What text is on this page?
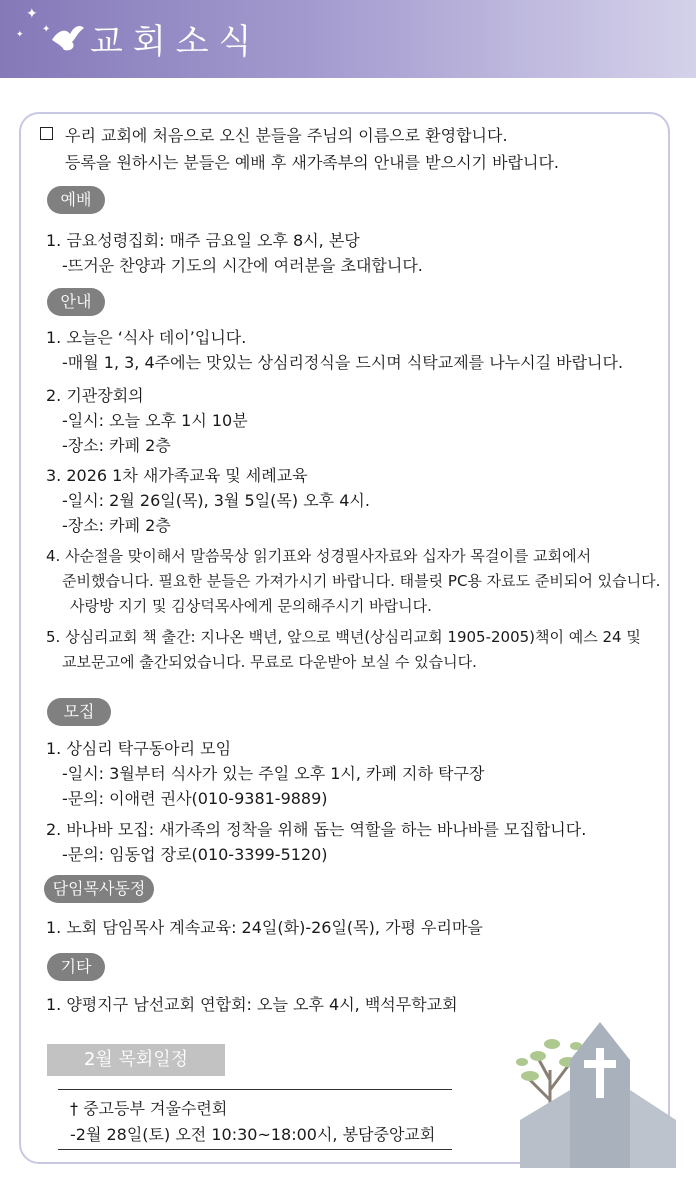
✦
✦
✦ 교회소식
우리 교회에 처음으로 오신 분들을 주님의 이름으로 환영합니다.
등록을 원하시는 분들은 예배 후 새가족부의 안내를 받으시기 바랍니다.
예배
1. 금요성령집회: 매주 금요일 오후 8시, 본당
-뜨거운 찬양과 기도의 시간에 여러분을 초대합니다.
안내
1. 오늘은 ‘식사 데이’입니다.
-매월 1, 3, 4주에는 맛있는 상심리정식을 드시며 식탁교제를 나누시길 바랍니다.
2. 기관장회의
-일시: 오늘 오후 1시 10분
-장소: 카페 2층
3. 2026 1차 새가족교육 및 세례교육
-일시: 2월 26일(목), 3월 5일(목) 오후 4시.
-장소: 카페 2층
4. 사순절을 맞이해서 말씀묵상 읽기표와 성경필사자료와 십자가 목걸이를 교회에서
준비했습니다. 필요한 분들은 가져가시기 바랍니다. 태블릿 PC용 자료도 준비되어 있습니다.
사랑방 지기 및 김상덕목사에게 문의해주시기 바랍니다.
5. 상심리교회 책 출간: 지나온 백년, 앞으로 백년(상심리교회 1905-2005)책이 예스 24 및
교보문고에 출간되었습니다. 무료로 다운받아 보실 수 있습니다.
모집
1. 상심리 탁구동아리 모임
-일시: 3월부터 식사가 있는 주일 오후 1시, 카페 지하 탁구장
-문의: 이애련 권사(010-9381-9889)
2. 바나바 모집: 새가족의 정착을 위해 돕는 역할을 하는 바나바를 모집합니다.
-문의: 임동업 장로(010-3399-5120)
담임목사동정
1. 노회 담임목사 계속교육: 24일(화)-26일(목), 가평 우리마을
기타
1. 양평지구 남선교회 연합회: 오늘 오후 4시, 백석무학교회
2월 목회일정
† 중고등부 겨울수련회
-2월 28일(토) 오전 10:30~18:00시, 봉담중앙교회
